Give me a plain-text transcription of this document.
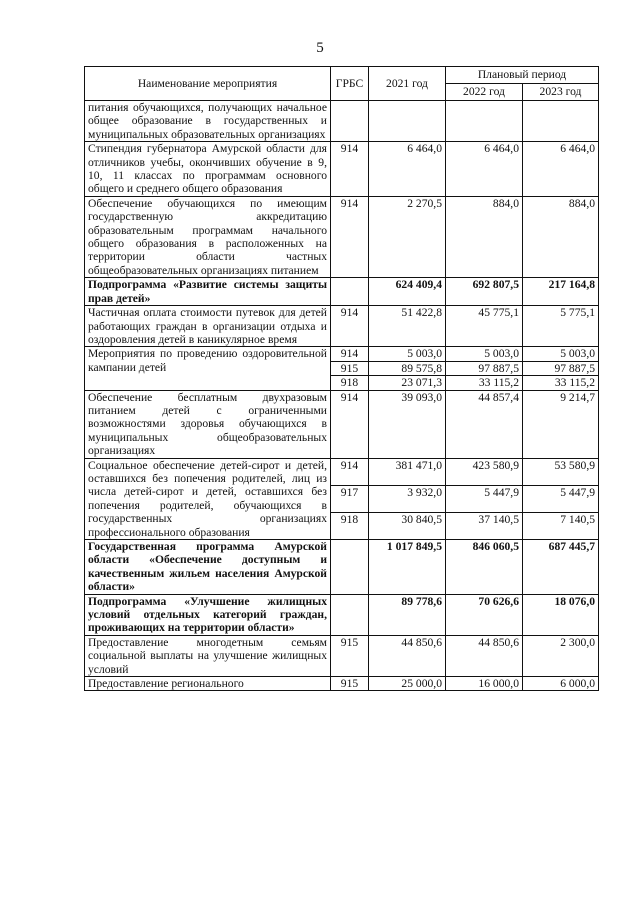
5
Наименование мероприятия	ГРБС	2021 год	Плановый период	
			2022 год	2023 год
питания обучающихся, получающих начальное общее образование в государственных и муниципальных образовательных организациях				
Стипендия губернатора Амурской области для отличников учебы, окончивших обучение в 9, 10, 11 классах по программам основного общего и среднего общего образования	914	6 464,0	6 464,0	6 464,0
Обеспечение обучающихся по имеющим государственную аккредитацию образовательным программам начального общего образования в расположенных на территории области частных общеобразовательных организациях питанием	914	2 270,5	884,0	884,0
Подпрограмма «Развитие системы защиты прав детей»		624 409,4	692 807,5	217 164,8
Частичная оплата стоимости путевок для детей работающих граждан в организации отдыха и оздоровления детей в каникулярное время	914	51 422,8	45 775,1	5 775,1
Мероприятия по проведению оздоровительной кампании детей	914	5 003,0	5 003,0	5 003,0
	915	89 575,8	97 887,5	97 887,5
	918	23 071,3	33 115,2	33 115,2
Обеспечение бесплатным двухразовым питанием детей с ограниченными возможностями здоровья обучающихся в муниципальных общеобразовательных организациях	914	39 093,0	44 857,4	9 214,7
Социальное обеспечение детей-сирот и детей, оставшихся без попечения родителей, лиц из числа детей-сирот и детей, оставшихся без попечения родителей, обучающихся в государственных организациях профессионального образования	914	381 471,0	423 580,9	53 580,9
	917	3 932,0	5 447,9	5 447,9
	918	30 840,5	37 140,5	7 140,5
Государственная программа Амурской области «Обеспечение доступным и качественным жильем населения Амурской области»		1 017 849,5	846 060,5	687 445,7
Подпрограмма «Улучшение жилищных условий отдельных категорий граждан, проживающих на территории области»		89 778,6	70 626,6	18 076,0
Предоставление многодетным семьям социальной выплаты на улучшение жилищных условий	915	44 850,6	44 850,6	2 300,0
Предоставление регионального	915	25 000,0	16 000,0	6 000,0
